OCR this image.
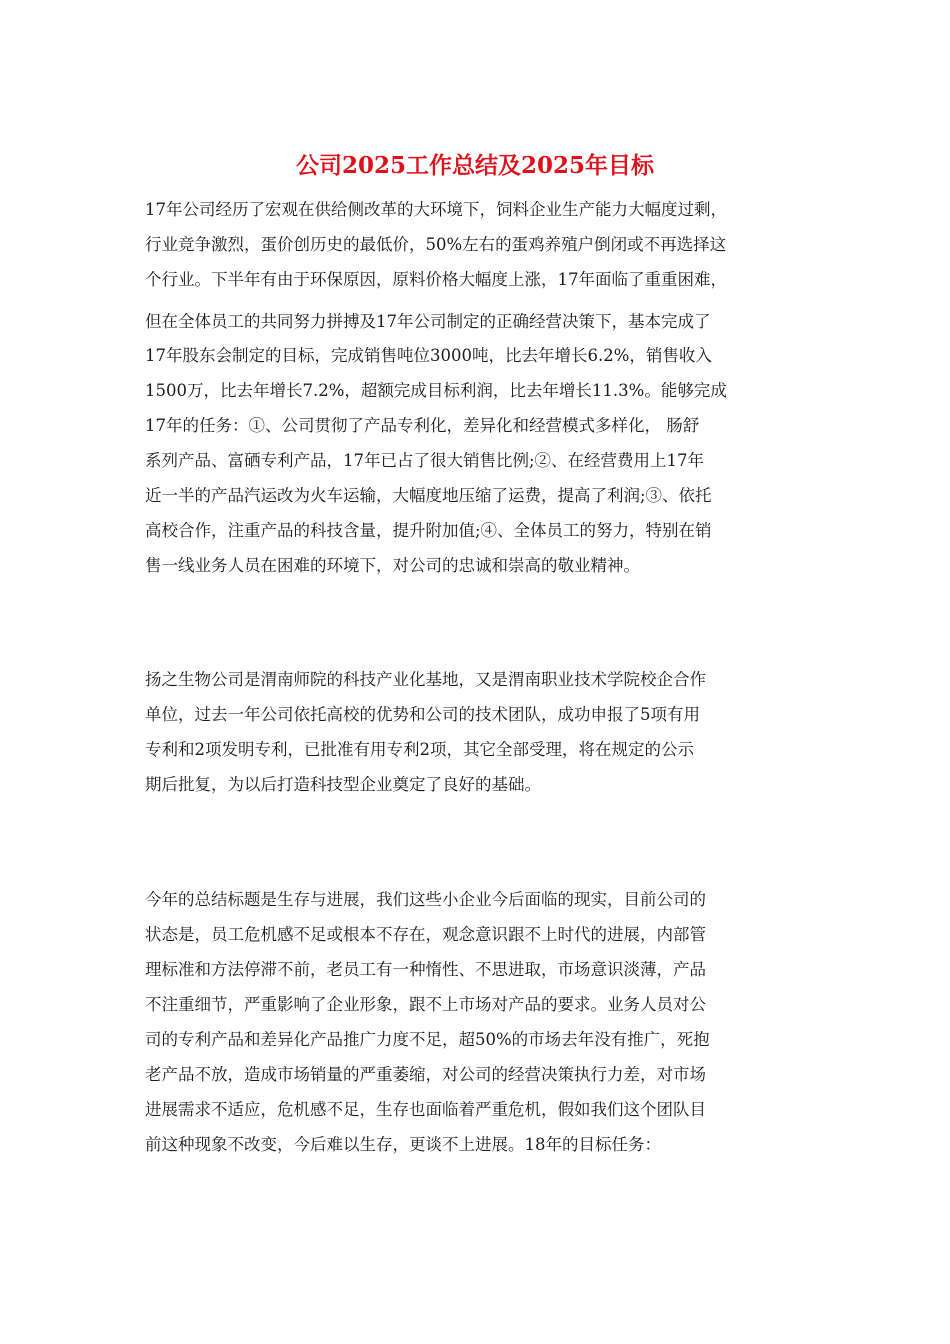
公司2025工作总结及2025年目标
17年公司经历了宏观在供给侧改革的大环境下，饲料企业生产能力大幅度过剩，
行业竞争激烈，蛋价创历史的最低价，50%左右的蛋鸡养殖户倒闭或不再选择这
个行业。下半年有由于环保原因，原料价格大幅度上涨，17年面临了重重困难，
但在全体员工的共同努力拼搏及17年公司制定的正确经营决策下，基本完成了
17年股东会制定的目标，完成销售吨位3000吨，比去年增长6.2%，销售收入
1500万，比去年增长7.2%，超额完成目标利润，比去年增长11.3%。能够完成
17年的任务：①、公司贯彻了产品专利化，差异化和经营模式多样化， 肠舒
系列产品、富硒专利产品，17年已占了很大销售比例;②、在经营费用上17年
近一半的产品汽运改为火车运输，大幅度地压缩了运费，提高了利润;③、依托
高校合作，注重产品的科技含量，提升附加值;④、全体员工的努力，特别在销
售一线业务人员在困难的环境下，对公司的忠诚和崇高的敬业精神。
扬之生物公司是渭南师院的科技产业化基地，又是渭南职业技术学院校企合作
单位，过去一年公司依托高校的优势和公司的技术团队，成功申报了5项有用
专利和2项发明专利，已批准有用专利2项，其它全部受理，将在规定的公示
期后批复，为以后打造科技型企业奠定了良好的基础。
今年的总结标题是生存与进展，我们这些小企业今后面临的现实，目前公司的
状态是，员工危机感不足或根本不存在，观念意识跟不上时代的进展，内部管
理标准和方法停滞不前，老员工有一种惰性、不思进取，市场意识淡薄，产品
不注重细节，严重影响了企业形象，跟不上市场对产品的要求。业务人员对公
司的专利产品和差异化产品推广力度不足，超50%的市场去年没有推广，死抱
老产品不放，造成市场销量的严重萎缩，对公司的经营决策执行力差，对市场
进展需求不适应，危机感不足，生存也面临着严重危机，假如我们这个团队目
前这种现象不改变，今后难以生存，更谈不上进展。18年的目标任务：
